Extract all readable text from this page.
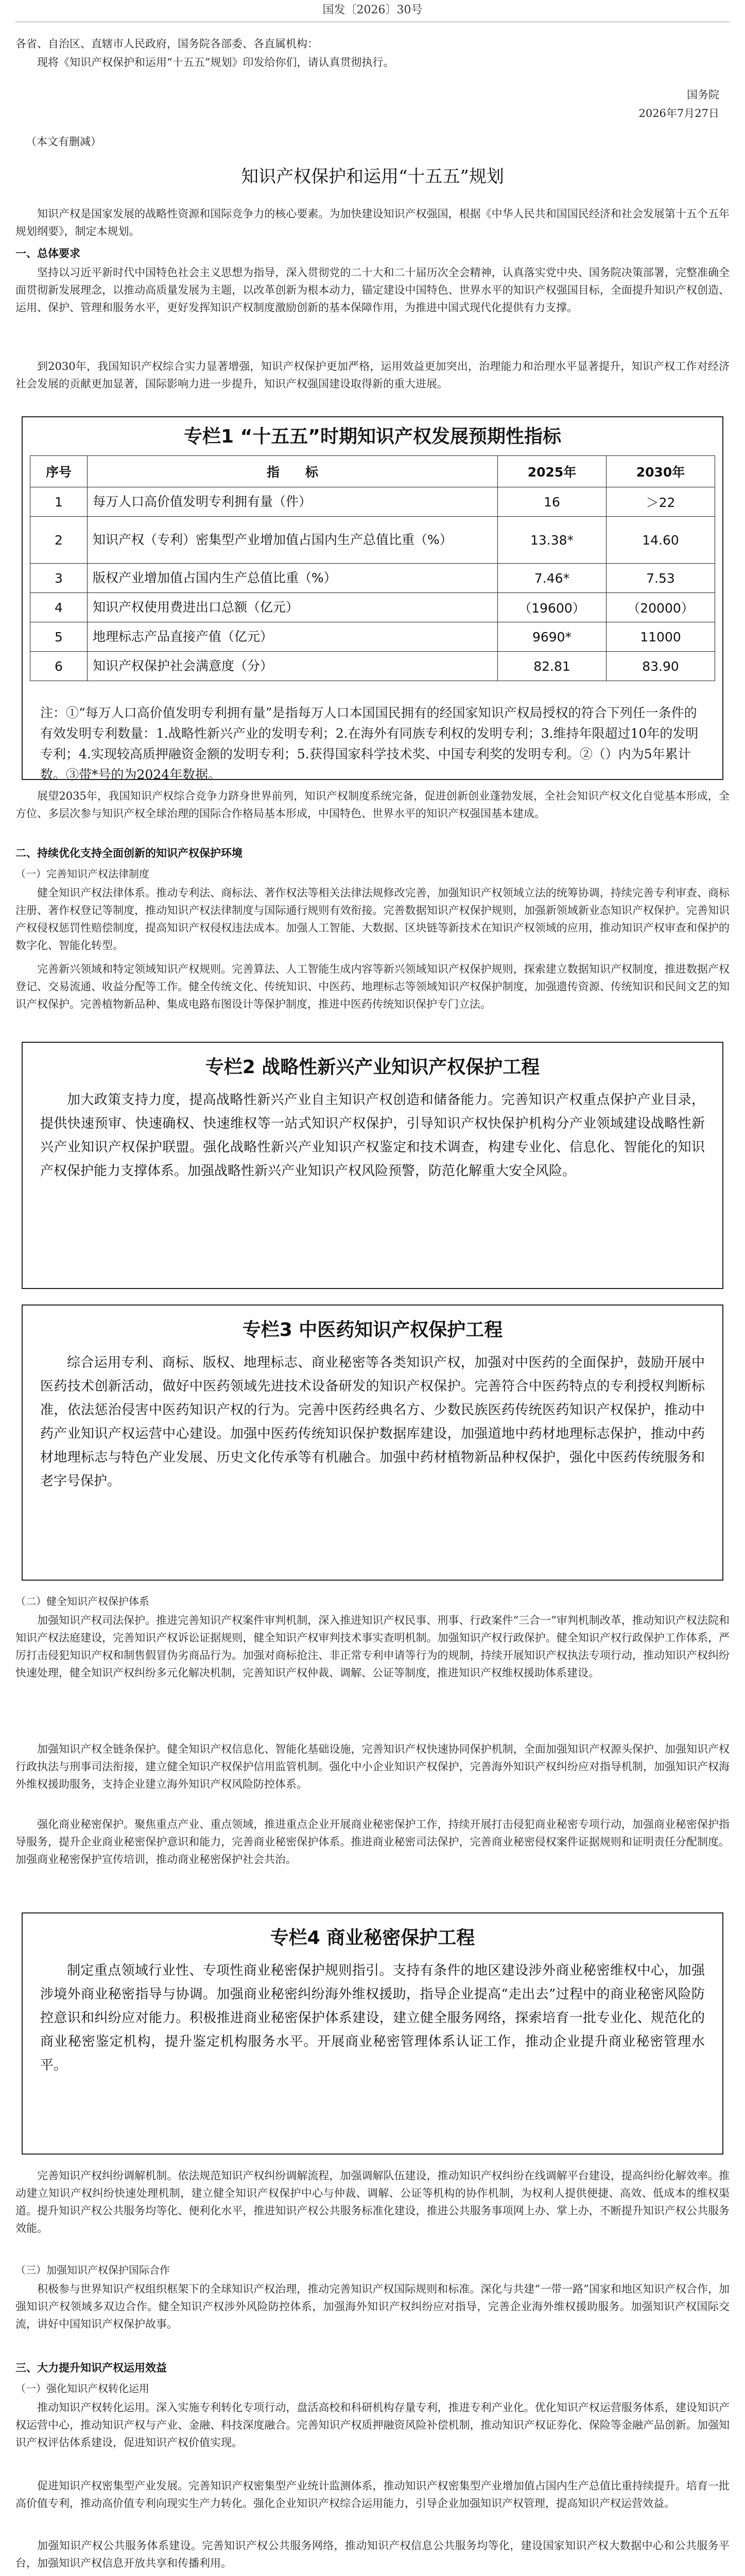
国发〔2026〕30号
各省、自治区、直辖市人民政府，国务院各部委、各直属机构：
现将《知识产权保护和运用“十五五”规划》印发给你们，请认真贯彻执行。
国务院
2026年7月27日
（本文有删减）
知识产权保护和运用“十五五”规划
知识产权是国家发展的战略性资源和国际竞争力的核心要素。为加快建设知识产权强国，根据《中华人民共和国国民经济和社会发展第十五个五年规划纲要》，制定本规划。
一、总体要求
坚持以习近平新时代中国特色社会主义思想为指导，深入贯彻党的二十大和二十届历次全会精神，认真落实党中央、国务院决策部署，完整准确全面贯彻新发展理念，以推动高质量发展为主题，以改革创新为根本动力，锚定建设中国特色、世界水平的知识产权强国目标，全面提升知识产权创造、运用、保护、管理和服务水平，更好发挥知识产权制度激励创新的基本保障作用，为推进中国式现代化提供有力支撑。
到2030年，我国知识产权综合实力显著增强，知识产权保护更加严格，运用效益更加突出，治理能力和治理水平显著提升，知识产权工作对经济社会发展的贡献更加显著，国际影响力进一步提升，知识产权强国建设取得新的重大进展。
专栏1 “十五五”时期知识产权发展预期性指标
序号	指　　标	2025年	2030年
1	每万人口高价值发明专利拥有量（件）	16	＞22
2	知识产权（专利）密集型产业增加值占国内生产总值比重（%）	13.38*	14.60
3	版权产业增加值占国内生产总值比重（%）	7.46*	7.53
4	知识产权使用费进出口总额（亿元）	（19600）	（20000）
5	地理标志产品直接产值（亿元）	9690*	11000
6	知识产权保护社会满意度（分）	82.81	83.90
注：①“每万人口高价值发明专利拥有量”是指每万人口本国国民拥有的经国家知识产权局授权的符合下列任一条件的有效发明专利数量：1.战略性新兴产业的发明专利；2.在海外有同族专利权的发明专利；3.维持年限超过10年的发明专利；4.实现较高质押融资金额的发明专利；5.获得国家科学技术奖、中国专利奖的发明专利。②（）内为5年累计数。③带*号的为2024年数据。
展望2035年，我国知识产权综合竞争力跻身世界前列，知识产权制度系统完备，促进创新创业蓬勃发展，全社会知识产权文化自觉基本形成，全方位、多层次参与知识产权全球治理的国际合作格局基本形成，中国特色、世界水平的知识产权强国基本建成。
二、持续优化支持全面创新的知识产权保护环境
（一）完善知识产权法律制度
健全知识产权法律体系。推动专利法、商标法、著作权法等相关法律法规修改完善，加强知识产权领域立法的统筹协调，持续完善专利审查、商标注册、著作权登记等制度，推动知识产权法律制度与国际通行规则有效衔接。完善数据知识产权保护规则，加强新领域新业态知识产权保护。完善知识产权侵权惩罚性赔偿制度，提高知识产权侵权违法成本。加强人工智能、大数据、区块链等新技术在知识产权领域的应用，推动知识产权审查和保护的数字化、智能化转型。
完善新兴领域和特定领域知识产权规则。完善算法、人工智能生成内容等新兴领域知识产权保护规则，探索建立数据知识产权制度，推进数据产权登记、交易流通、收益分配等工作。健全传统文化、传统知识、中医药、地理标志等领域知识产权保护制度，加强遗传资源、传统知识和民间文艺的知识产权保护。完善植物新品种、集成电路布图设计等保护制度，推进中医药传统知识保护专门立法。
专栏2 战略性新兴产业知识产权保护工程
加大政策支持力度，提高战略性新兴产业自主知识产权创造和储备能力。完善知识产权重点保护产业目录，提供快速预审、快速确权、快速维权等一站式知识产权保护，引导知识产权快保护机构分产业领域建设战略性新兴产业知识产权保护联盟。强化战略性新兴产业知识产权鉴定和技术调查，构建专业化、信息化、智能化的知识产权保护能力支撑体系。加强战略性新兴产业知识产权风险预警，防范化解重大安全风险。
专栏3 中医药知识产权保护工程
综合运用专利、商标、版权、地理标志、商业秘密等各类知识产权，加强对中医药的全面保护，鼓励开展中医药技术创新活动，做好中医药领域先进技术设备研发的知识产权保护。完善符合中医药特点的专利授权判断标准，依法惩治侵害中医药知识产权的行为。完善中医药经典名方、少数民族医药传统医药知识产权保护，推动中药产业知识产权运营中心建设。加强中医药传统知识保护数据库建设，加强道地中药材地理标志保护，推动中药材地理标志与特色产业发展、历史文化传承等有机融合。加强中药材植物新品种权保护，强化中医药传统服务和老字号保护。
（二）健全知识产权保护体系
加强知识产权司法保护。推进完善知识产权案件审判机制，深入推进知识产权民事、刑事、行政案件“三合一”审判机制改革，推动知识产权法院和知识产权法庭建设，完善知识产权诉讼证据规则，健全知识产权审判技术事实查明机制。加强知识产权行政保护。健全知识产权行政保护工作体系，严厉打击侵犯知识产权和制售假冒伪劣商品行为。加强对商标抢注、非正常专利申请等行为的规制，持续开展知识产权执法专项行动，推动知识产权纠纷快速处理，健全知识产权纠纷多元化解决机制，完善知识产权仲裁、调解、公证等制度，推进知识产权维权援助体系建设。
加强知识产权全链条保护。健全知识产权信息化、智能化基础设施，完善知识产权快速协同保护机制，全面加强知识产权源头保护、加强知识产权行政执法与刑事司法衔接，建立健全知识产权保护信用监管机制。强化中小企业知识产权保护，完善海外知识产权纠纷应对指导机制，加强知识产权海外维权援助服务，支持企业建立海外知识产权风险防控体系。
强化商业秘密保护。聚焦重点产业、重点领域，推进重点企业开展商业秘密保护工作，持续开展打击侵犯商业秘密专项行动，加强商业秘密保护指导服务，提升企业商业秘密保护意识和能力，完善商业秘密保护体系。推进商业秘密司法保护，完善商业秘密侵权案件证据规则和证明责任分配制度。加强商业秘密保护宣传培训，推动商业秘密保护社会共治。
专栏4 商业秘密保护工程
制定重点领域行业性、专项性商业秘密保护规则指引。支持有条件的地区建设涉外商业秘密维权中心，加强涉境外商业秘密指导与协调。加强商业秘密纠纷海外维权援助，指导企业提高“走出去”过程中的商业秘密风险防控意识和纠纷应对能力。积极推进商业秘密保护体系建设，建立健全服务网络，探索培育一批专业化、规范化的商业秘密鉴定机构，提升鉴定机构服务水平。开展商业秘密管理体系认证工作，推动企业提升商业秘密管理水平。
完善知识产权纠纷调解机制。依法规范知识产权纠纷调解流程，加强调解队伍建设，推动知识产权纠纷在线调解平台建设，提高纠纷化解效率。推动建立知识产权纠纷快速处理机制，建立健全知识产权保护中心与仲裁、调解、公证等机构的协作机制，为权利人提供便捷、高效、低成本的维权渠道。提升知识产权公共服务均等化、便利化水平，推进知识产权公共服务标准化建设，推进公共服务事项网上办、掌上办，不断提升知识产权公共服务效能。
（三）加强知识产权保护国际合作
积极参与世界知识产权组织框架下的全球知识产权治理，推动完善知识产权国际规则和标准。深化与共建“一带一路”国家和地区知识产权合作，加强知识产权领域多双边合作。健全知识产权涉外风险防控体系，加强海外知识产权纠纷应对指导，完善企业海外维权援助服务。加强知识产权国际交流，讲好中国知识产权保护故事。
三、大力提升知识产权运用效益
（一）强化知识产权转化运用
推动知识产权转化运用。深入实施专利转化专项行动，盘活高校和科研机构存量专利，推进专利产业化。优化知识产权运营服务体系，建设知识产权运营中心，推动知识产权与产业、金融、科技深度融合。完善知识产权质押融资风险补偿机制，推动知识产权证券化、保险等金融产品创新。加强知识产权评估体系建设，促进知识产权价值实现。
促进知识产权密集型产业发展。完善知识产权密集型产业统计监测体系，推动知识产权密集型产业增加值占国内生产总值比重持续提升。培育一批高价值专利，推动高价值专利向现实生产力转化。强化企业知识产权综合运用能力，引导企业加强知识产权管理，提高知识产权运营效益。
加强知识产权公共服务体系建设。完善知识产权公共服务网络，推动知识产权信息公共服务均等化，建设国家知识产权大数据中心和公共服务平台，加强知识产权信息开放共享和传播利用。
